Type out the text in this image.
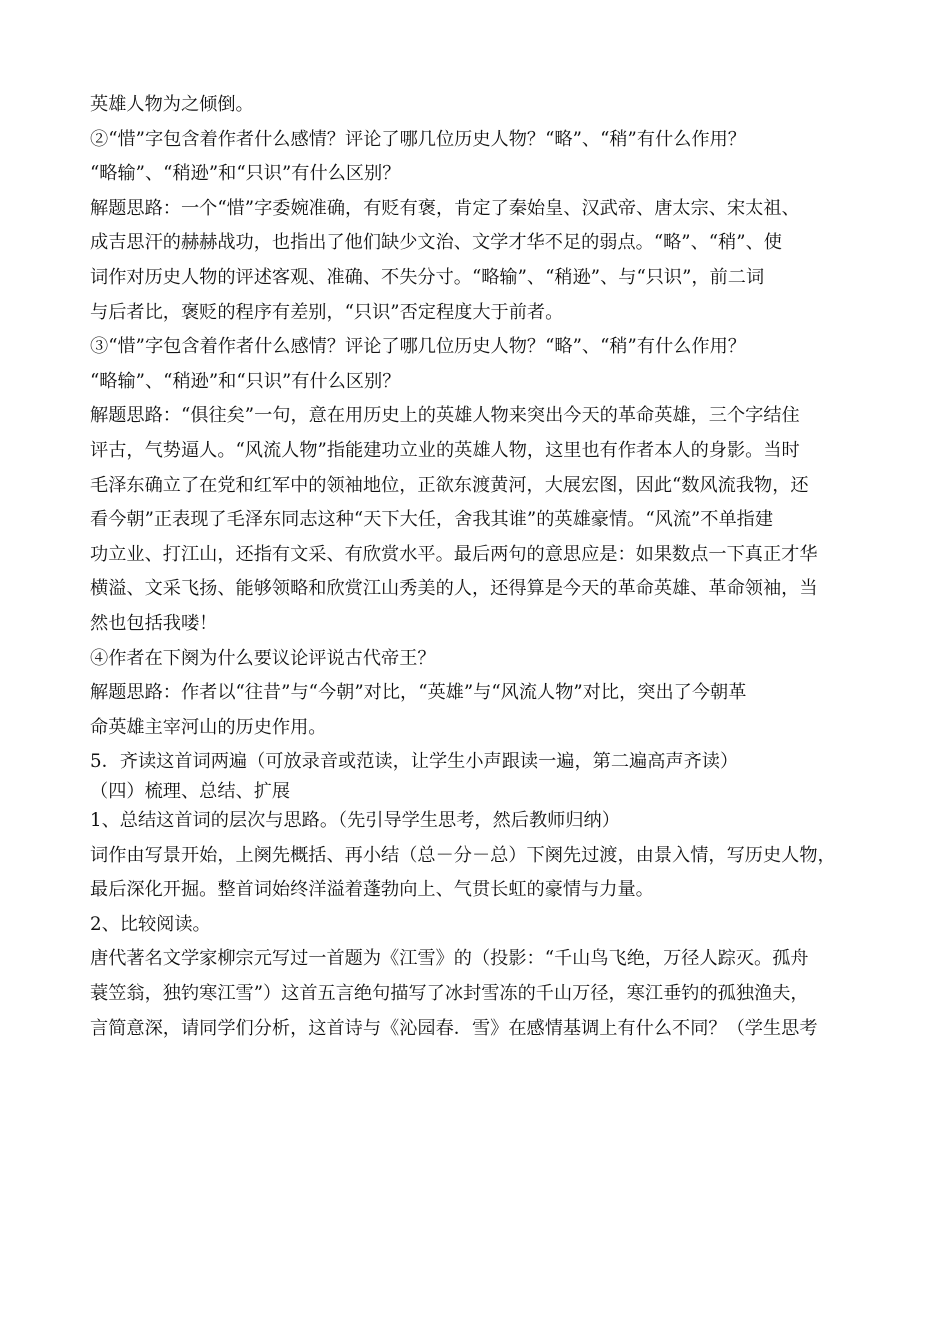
英雄人物为之倾倒。
②“惜”字包含着作者什么感情？评论了哪几位历史人物？“略”、“稍”有什么作用？
“略输”、“稍逊”和“只识”有什么区别？
解题思路：一个“惜”字委婉准确，有贬有褒，肯定了秦始皇、汉武帝、唐太宗、宋太祖、
成吉思汗的赫赫战功，也指出了他们缺少文治、文学才华不足的弱点。“略”、“稍”、使
词作对历史人物的评述客观、准确、不失分寸。“略输”、“稍逊”、与“只识”，前二词
与后者比，褒贬的程序有差别，“只识”否定程度大于前者。
③“惜”字包含着作者什么感情？评论了哪几位历史人物？“略”、“稍”有什么作用？
“略输”、“稍逊”和“只识”有什么区别？
解题思路：“俱往矣”一句，意在用历史上的英雄人物来突出今天的革命英雄，三个字结住
评古，气势逼人。“风流人物”指能建功立业的英雄人物，这里也有作者本人的身影。当时
毛泽东确立了在党和红军中的领袖地位，正欲东渡黄河，大展宏图，因此“数风流我物，还
看今朝”正表现了毛泽东同志这种“天下大任，舍我其谁”的英雄豪情。“风流”不单指建
功立业、打江山，还指有文采、有欣赏水平。最后两句的意思应是：如果数点一下真正才华
横溢、文采飞扬、能够领略和欣赏江山秀美的人，还得算是今天的革命英雄、革命领袖，当
然也包括我喽！
④作者在下阕为什么要议论评说古代帝王？
解题思路：作者以“往昔”与“今朝”对比，“英雄”与“风流人物”对比，突出了今朝革
命英雄主宰河山的历史作用。
5．齐读这首词两遍（可放录音或范读，让学生小声跟读一遍，第二遍高声齐读）
（四）梳理、总结、扩展
1、总结这首词的层次与思路。（先引导学生思考，然后教师归纳）
词作由写景开始，上阕先概括、再小结（总－分－总）下阕先过渡，由景入情，写历史人物，
最后深化开掘。整首词始终洋溢着蓬勃向上、气贯长虹的豪情与力量。
2、比较阅读。
唐代著名文学家柳宗元写过一首题为《江雪》的（投影：“千山鸟飞绝，万径人踪灭。孤舟
蓑笠翁，独钓寒江雪”）这首五言绝句描写了冰封雪冻的千山万径，寒江垂钓的孤独渔夫，
言简意深，请同学们分析，这首诗与《沁园春．雪》在感情基调上有什么不同？（学生思考
